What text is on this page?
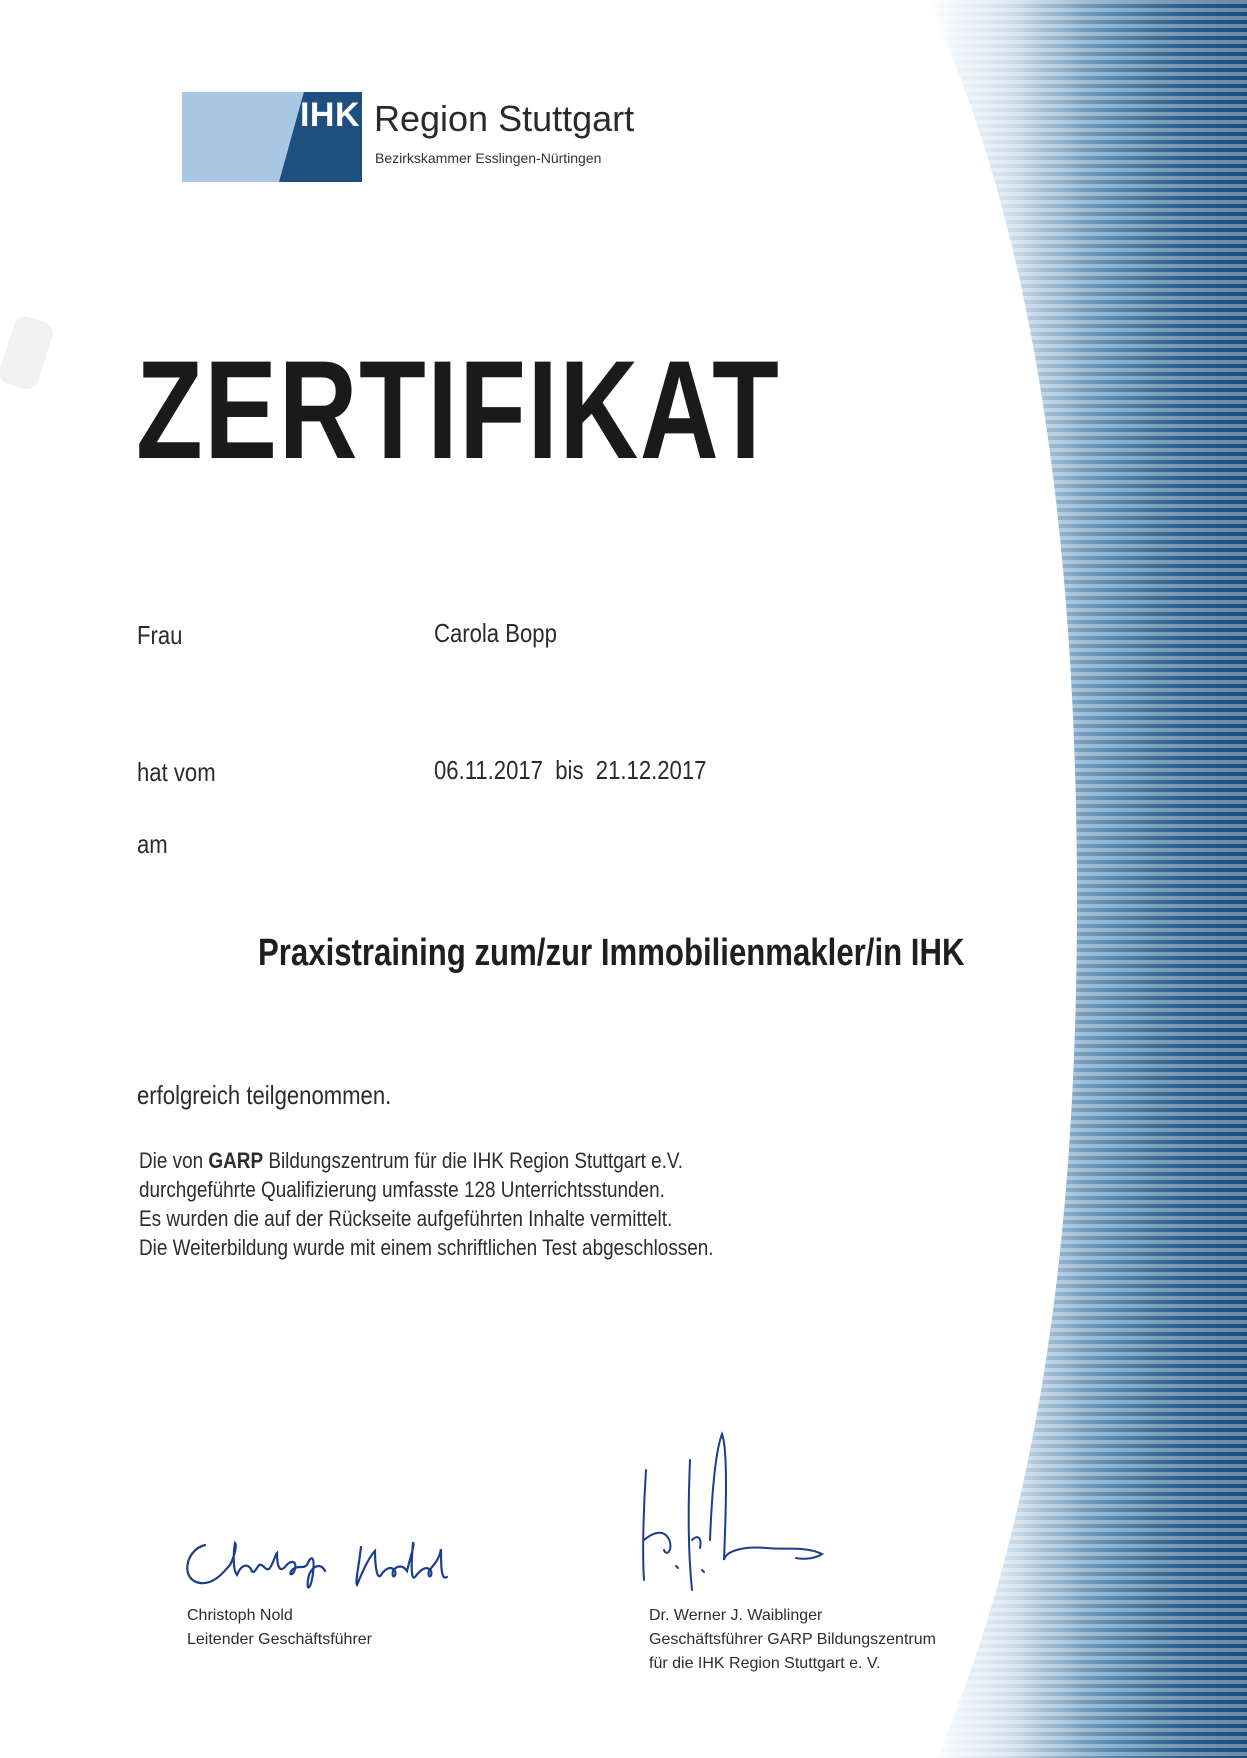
IHK Region Stuttgart
Bezirkskammer Esslingen-Nürtingen
ZERTIFIKAT
Frau	Carola Bopp
hat vom	06.11.2017 bis 21.12.2017
am
Praxistraining zum/zur Immobilienmakler/in IHK
erfolgreich teilgenommen.
Die von GARP Bildungszentrum für die IHK Region Stuttgart e.V.
durchgeführte Qualifizierung umfasste 128 Unterrichtsstunden.
Es wurden die auf der Rückseite aufgeführten Inhalte vermittelt.
Die Weiterbildung wurde mit einem schriftlichen Test abgeschlossen.
Christoph Nold
Leitender Geschäftsführer
Dr. Werner J. Waiblinger
Geschäftsführer GARP Bildungszentrum
für die IHK Region Stuttgart e. V.
